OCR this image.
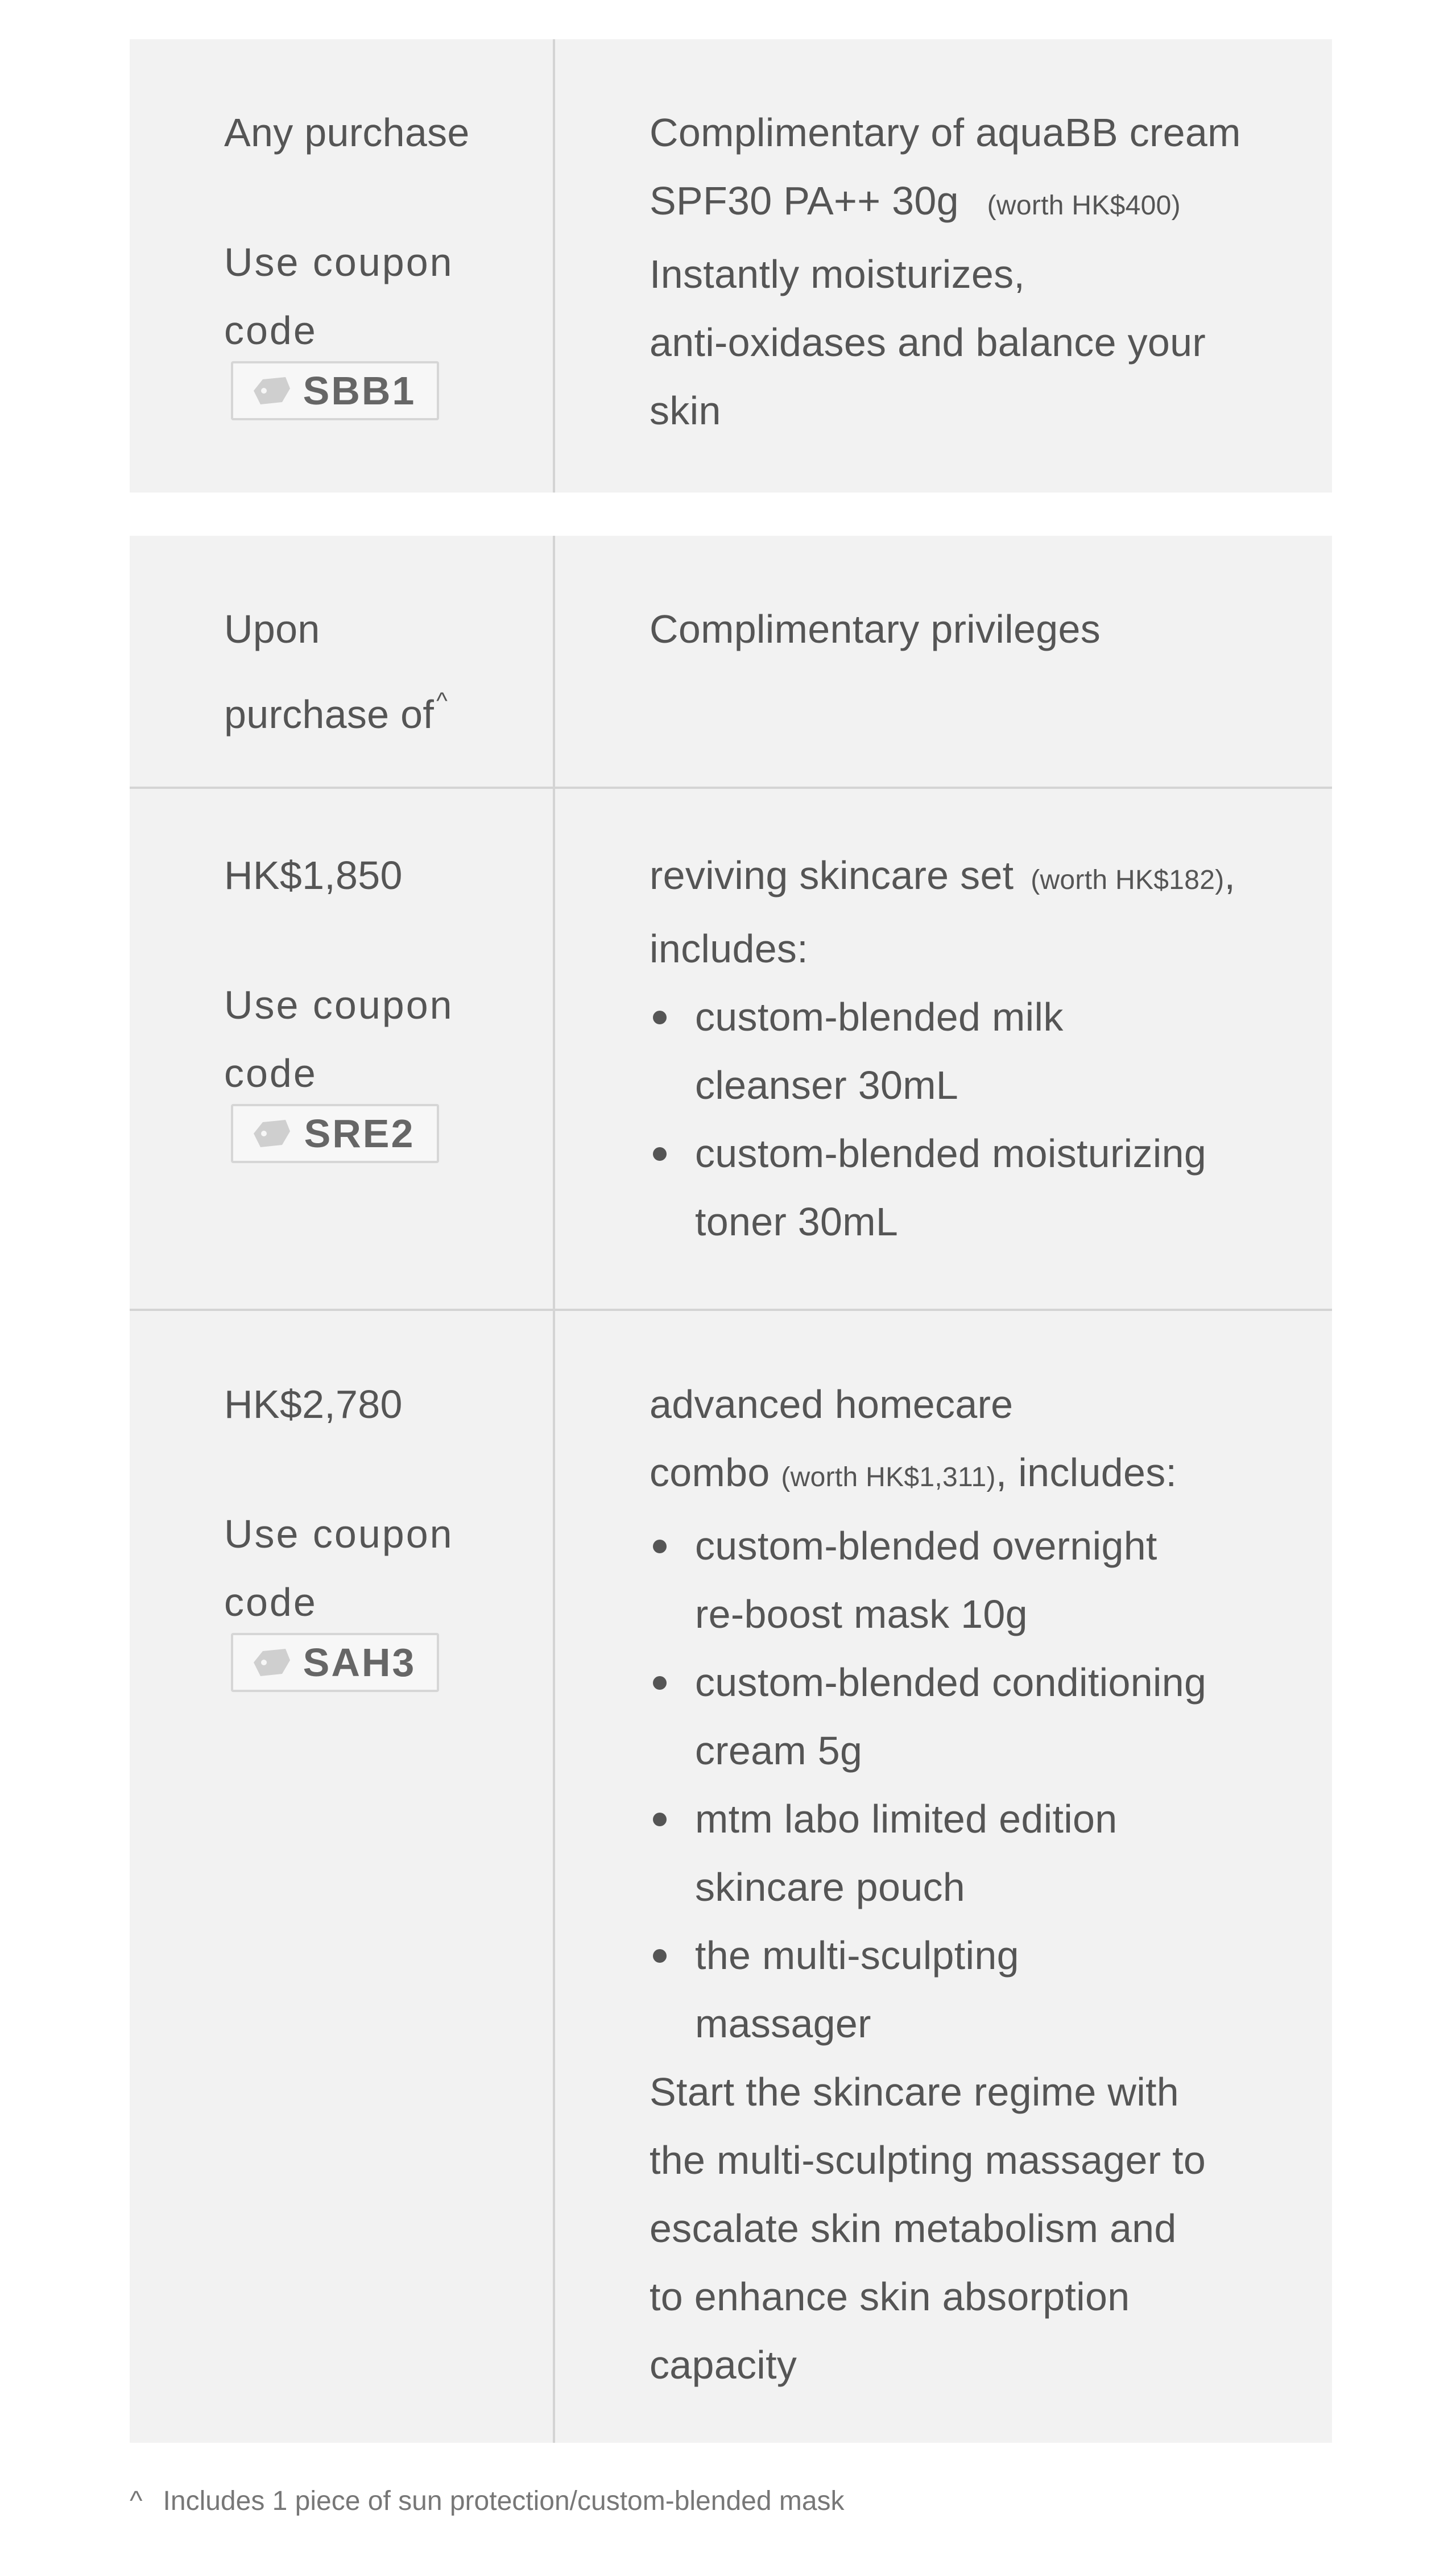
Any purchase
Use coupon
code
SBB1
Complimentary of aquaBB cream
SPF30 PA++ 30g (worth HK$400)
Instantly moisturizes,
anti-oxidases and balance your
skin
Upon
purchase of^
Complimentary privileges
HK$1,850
Use coupon
code
SRE2
reviving skincare set (worth HK$182),
includes:
custom-blended milk
cleanser 30mL
custom-blended moisturizing
toner 30mL
HK$2,780
Use coupon
code
SAH3
advanced homecare
combo (worth HK$1,311), includes:
custom-blended overnight
re-boost mask 10g
custom-blended conditioning
cream 5g
mtm labo limited edition
skincare pouch
the multi-sculpting
massager
Start the skincare regime with
the multi-sculpting massager to
escalate skin metabolism and
to enhance skin absorption
capacity
^ Includes 1 piece of sun protection/custom-blended mask
